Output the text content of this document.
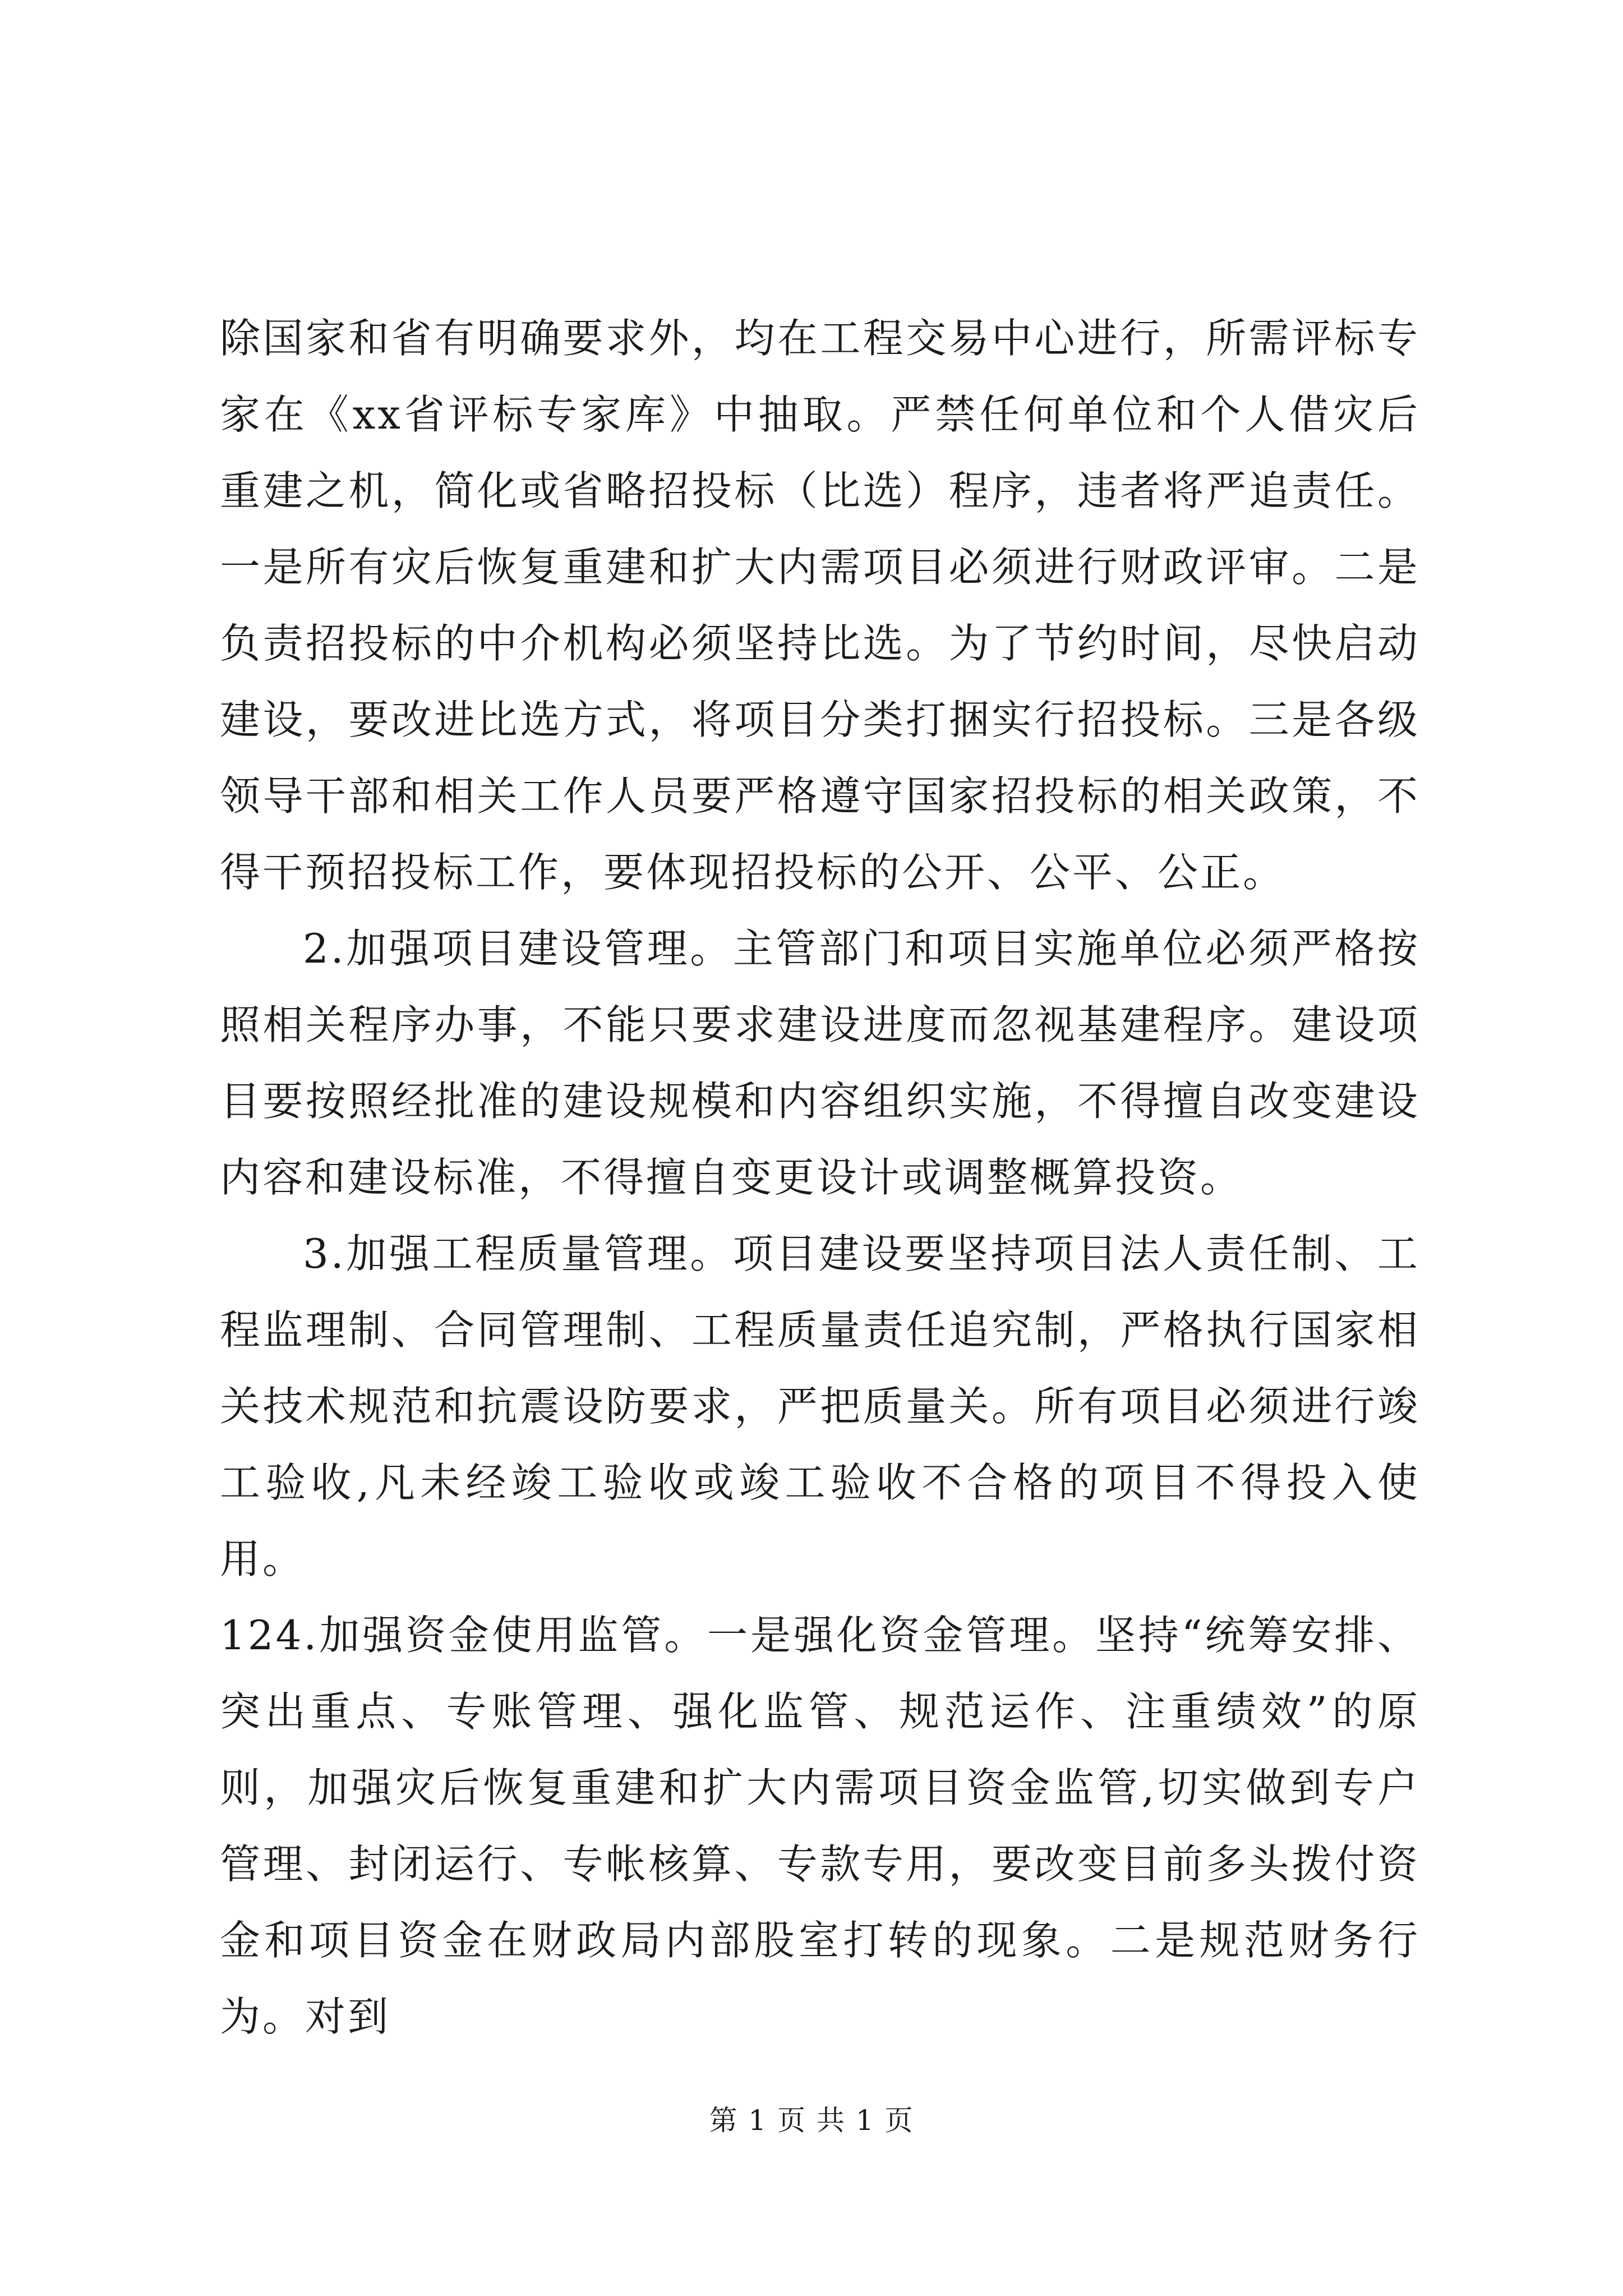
除国家和省有明确要求外，均在工程交易中心进行，所需评标专家在《xx省评标专家库》中抽取。严禁任何单位和个人借灾后重建之机，简化或省略招投标（比选）程序，违者将严追责任。一是所有灾后恢复重建和扩大内需项目必须进行财政评审。二是负责招投标的中介机构必须坚持比选。为了节约时间，尽快启动建设，要改进比选方式，将项目分类打捆实行招投标。三是各级领导干部和相关工作人员要严格遵守国家招投标的相关政策，不得干预招投标工作，要体现招投标的公开、公平、公正。

2.加强项目建设管理。主管部门和项目实施单位必须严格按照相关程序办事，不能只要求建设进度而忽视基建程序。建设项目要按照经批准的建设规模和内容组织实施，不得擅自改变建设内容和建设标准，不得擅自变更设计或调整概算投资。

3.加强工程质量管理。项目建设要坚持项目法人责任制、工程监理制、合同管理制、工程质量责任追究制，严格执行国家相关技术规范和抗震设防要求，严把质量关。所有项目必须进行竣工验收,凡未经竣工验收或竣工验收不合格的项目不得投入使用。

124.加强资金使用监管。一是强化资金管理。坚持“统筹安排、突出重点、专账管理、强化监管、规范运作、注重绩效”的原则，加强灾后恢复重建和扩大内需项目资金监管,切实做到专户管理、封闭运行、专帐核算、专款专用，要改变目前多头拨付资金和项目资金在财政局内部股室打转的现象。二是规范财务行为。对到

第 1 页 共 1 页
